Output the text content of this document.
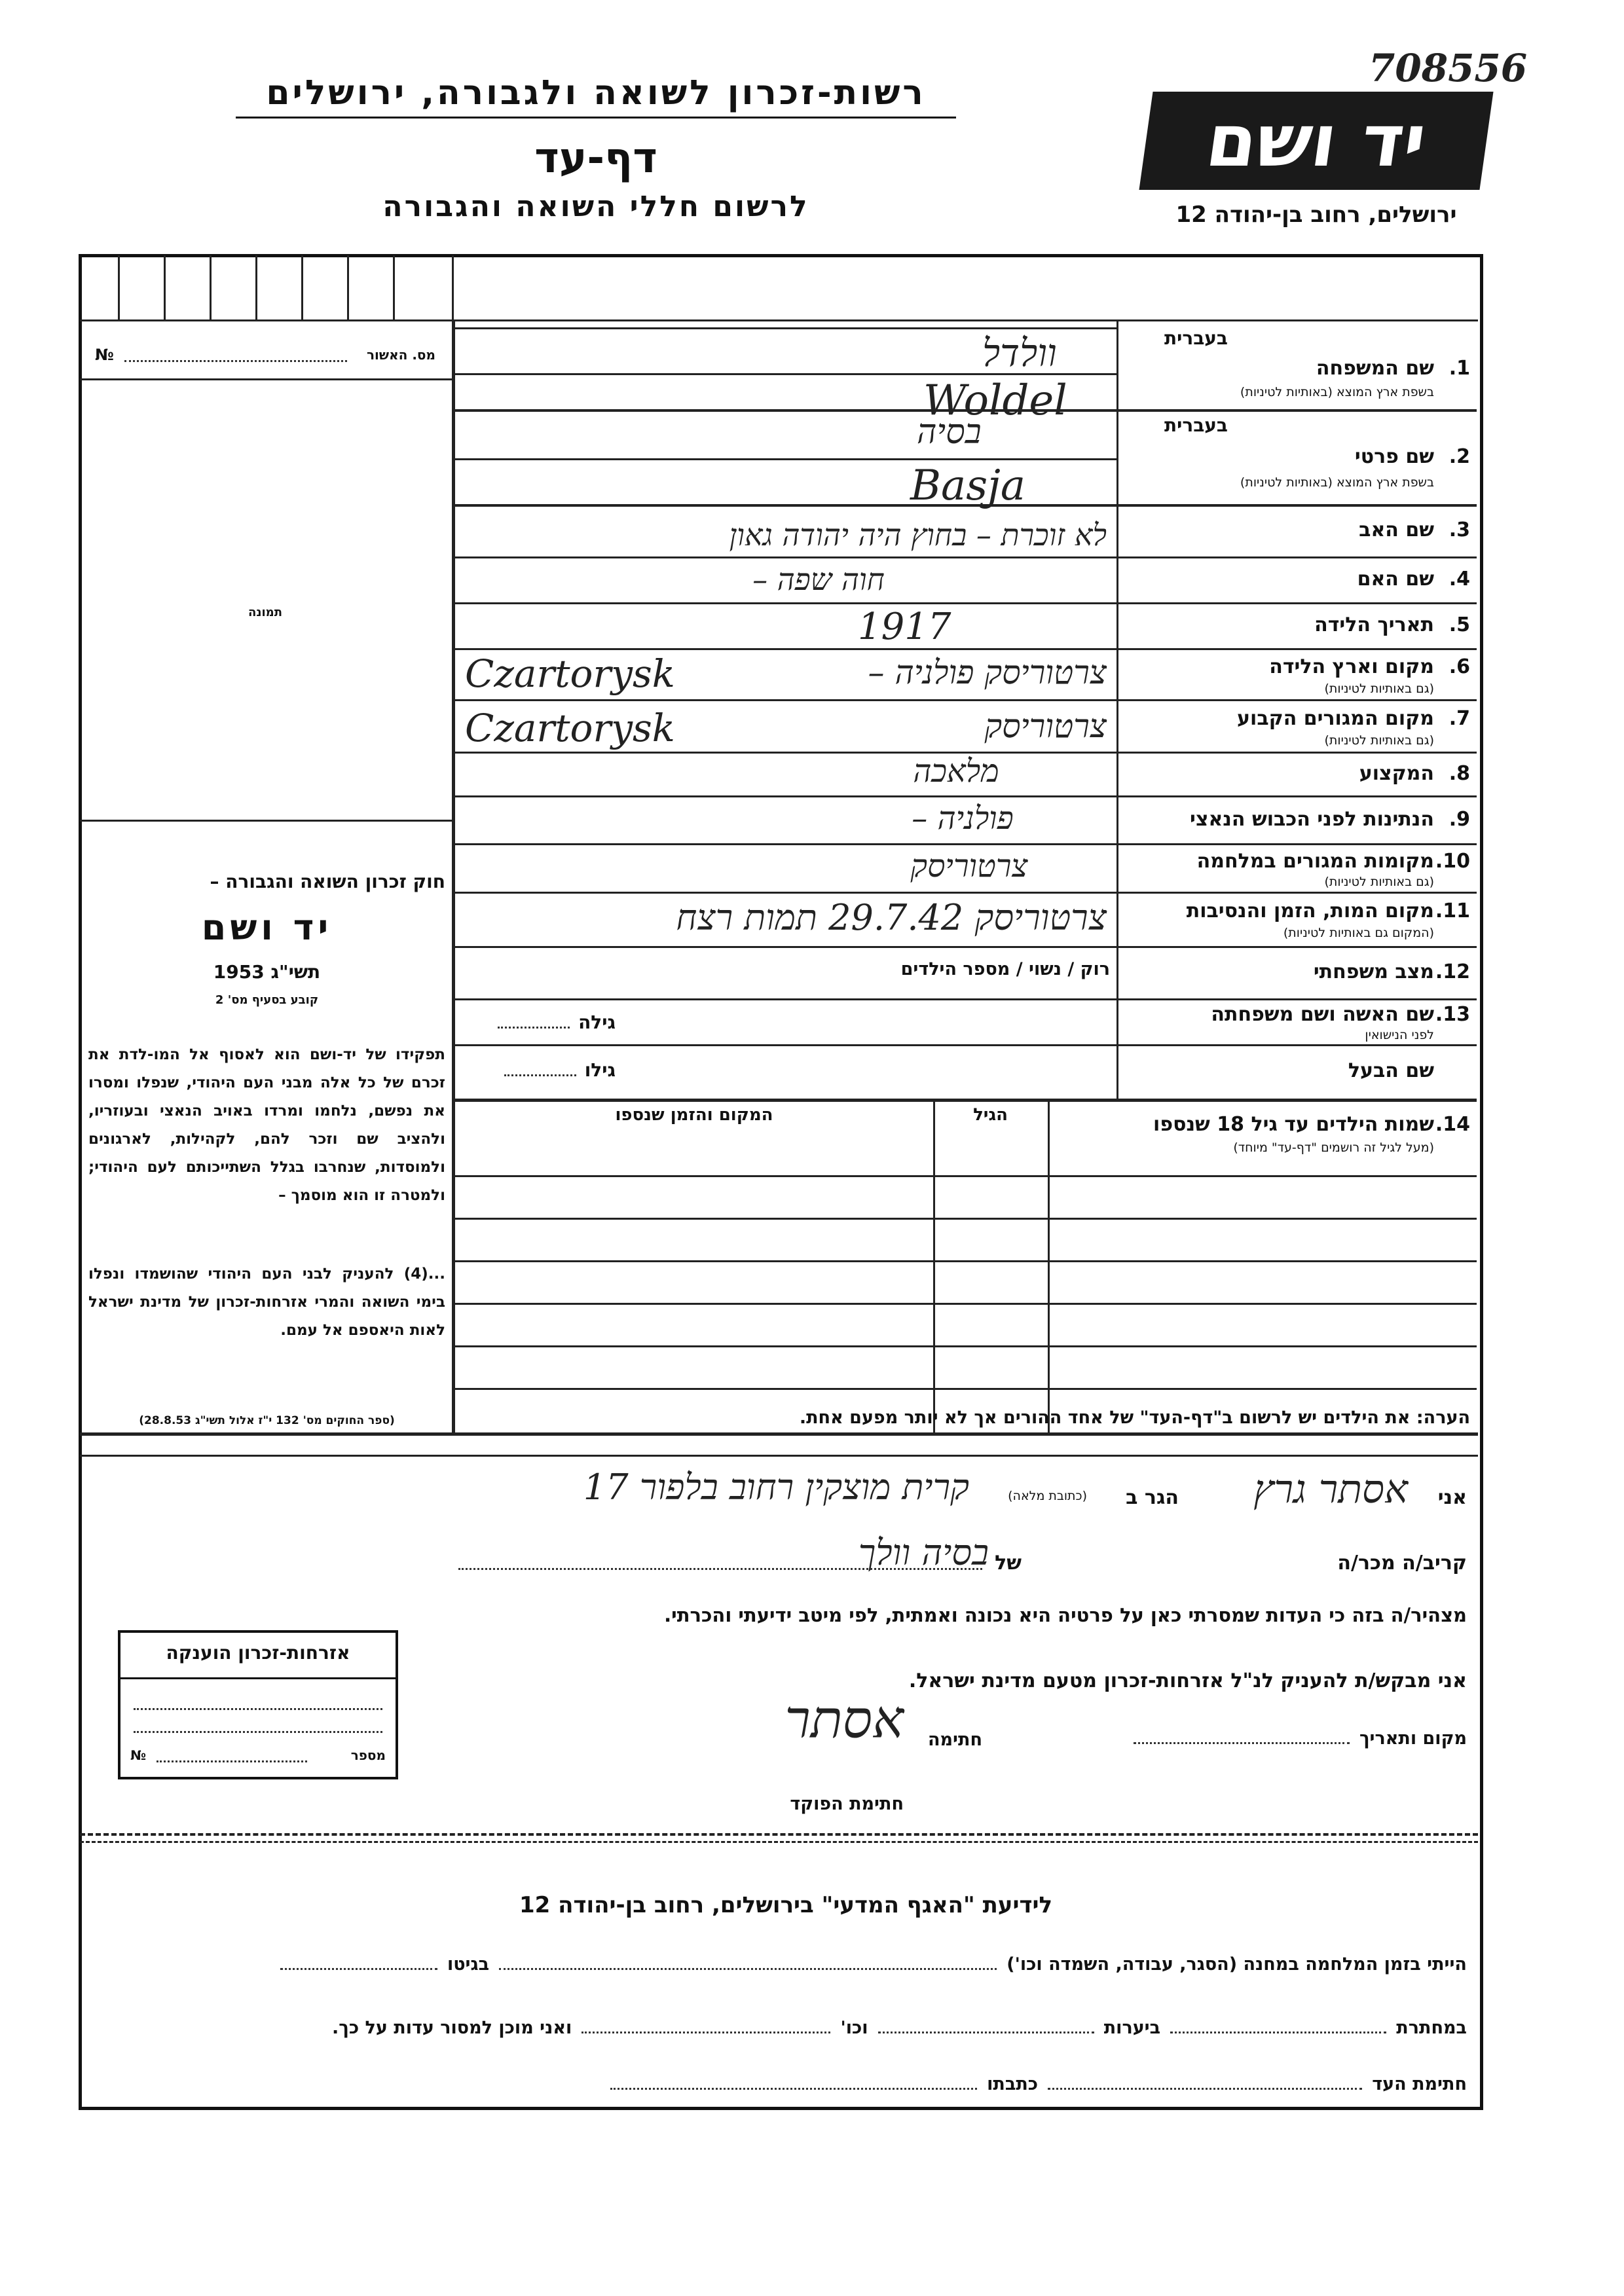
רשות-זכרון לשואה ולגבורה, ירושלים
דף-עד
לרשום חללי השואה והגבורה
יד ושם
708556
ירושלים, רחוב בן-יהודה 12
№	מס. האשור
תמונה
חוק זכרון השואה והגבורה –
יד ושם
תשי"ג 1953
קובע בסעיף מס' 2
תפקידו של יד-ושם הוא לאסוף אל המו-לדת את זכרם של כל אלה מבני העם היהודי, שנפלו ומסרו את נפשם, נלחמו ומרדו באויב הנאצי ובעוזריו, ולהציב שם וזכר להם, לקהילות, לארגונים ולמוסדות, שנחרבו בגלל השתייכותם לעם היהודי; ולמטרה זו הוא מוסמך –
...(4) להעניק לבני העם היהודי שהושמדו ונפלו בימי השואה והמרי אזרחות-זכרון של מדינת ישראל לאות היאספם אל עמם.
(ספר החוקים מס' 132 י"ז אלול תשי"ג 28.8.53)
בעברית
1.
שם המשפחה
בשפת ארץ המוצא (באותיות לטיניות)
וולדל
Woldel
בעברית
2.
שם פרטי
בשפת ארץ המוצא (באותיות לטיניות)
בסיה
Basja
3.
שם האב
לא זוכרת – בחוץ היה יהודה גאון
4.
שם האם
חוה שפה –
5.
תאריך הלידה
1917
6.
מקום וארץ הלידה
(גם באותיות לטיניות)
Czartorysk	צרטוריסק פולניה –
7.
מקום המגורים הקבוע
(גם באותיות לטיניות)
Czartorysk	צרטוריסק
8.
המקצוע
מלאכה
9.
הנתינות לפני הכבוש הנאצי
פולניה –
10.
מקומות המגורים במלחמה
(גם באותיות לטיניות)
צרטוריסק
11.
מקום המות, הזמן והנסיבות
(המקום גם באותיות לטיניות)
צרטוריסק 29.7.42 תמות רצח
12.
מצב משפחתי
רוק / נשוי / מספר הילדים
13.
שם האשה ושם משפחתה
לפני הנישואין
גילה
שם הבעל
גילו
14.
שמות הילדים עד גיל 18 שנספו
(מעל לגיל זה רושמים "דף-עד" מיוחד)
הגיל
המקום והזמן שנספו
הערה: את הילדים יש לרשום ב"דף-העד" של אחד ההורים אך לא יותר מפעם אחת.
אני
אסתר גרץ
הגר ב
(כתובת מלאה)
קרית מוצקין רחוב בלפור 17
קריב/ה מכר/ה
של
בסיה וולך
מצהיר/ה בזה כי העדות שמסרתי כאן על פרטיה היא נכונה ואמתית, לפי מיטב ידיעתי והכרתי.
אני מבקש/ת להעניק לנ"ל אזרחות-זכרון מטעם מדינת ישראל.
מקום ותאריך
חתימה
אסתר
חתימת הפוקד
אזרחות-זכרון הוענקה
№	מספר
לידיעת "האגף המדעי" בירושלים, רחוב בן-יהודה 12
הייתי בזמן המלחמה במחנה (הסגר, עבודה, השמדה וכו')  בגיטו
במחתרת  ביערות  וכו'  ואני מוכן למסור עדות על כך.
חתימת העד  כתבתו
